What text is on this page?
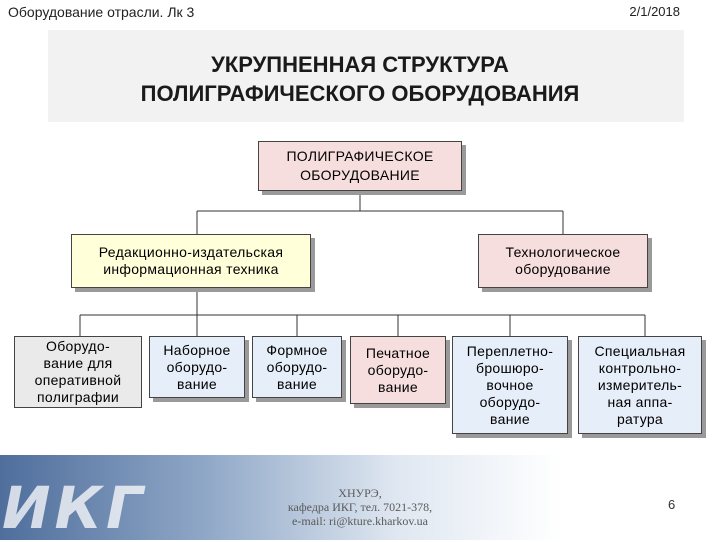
Оборудование отрасли. Лк 3	2/1/2018
УКРУПНЕННАЯ СТРУКТУРА
ПОЛИГРАФИЧЕСКОГО ОБОРУДОВАНИЯ
ПОЛИГРАФИЧЕСКОЕ
ОБОРУДОВАНИЕ
Редакционно-издательская
информационная техника
Технологическое
оборудование
Оборудо-
вание для
оперативной
полиграфии
Наборное
оборудо-
вание
Формное
оборудо-
вание
Печатное
оборудо-
вание
Переплетно-
брошюро-
вочное
оборудо-
вание
Специальная
контрольно-
измеритель-
ная аппа-
ратура
ИКГ	ХНУРЭ,
кафедра ИКГ, тел. 7021-378,
e-mail: ri@kture.kharkov.ua
6
